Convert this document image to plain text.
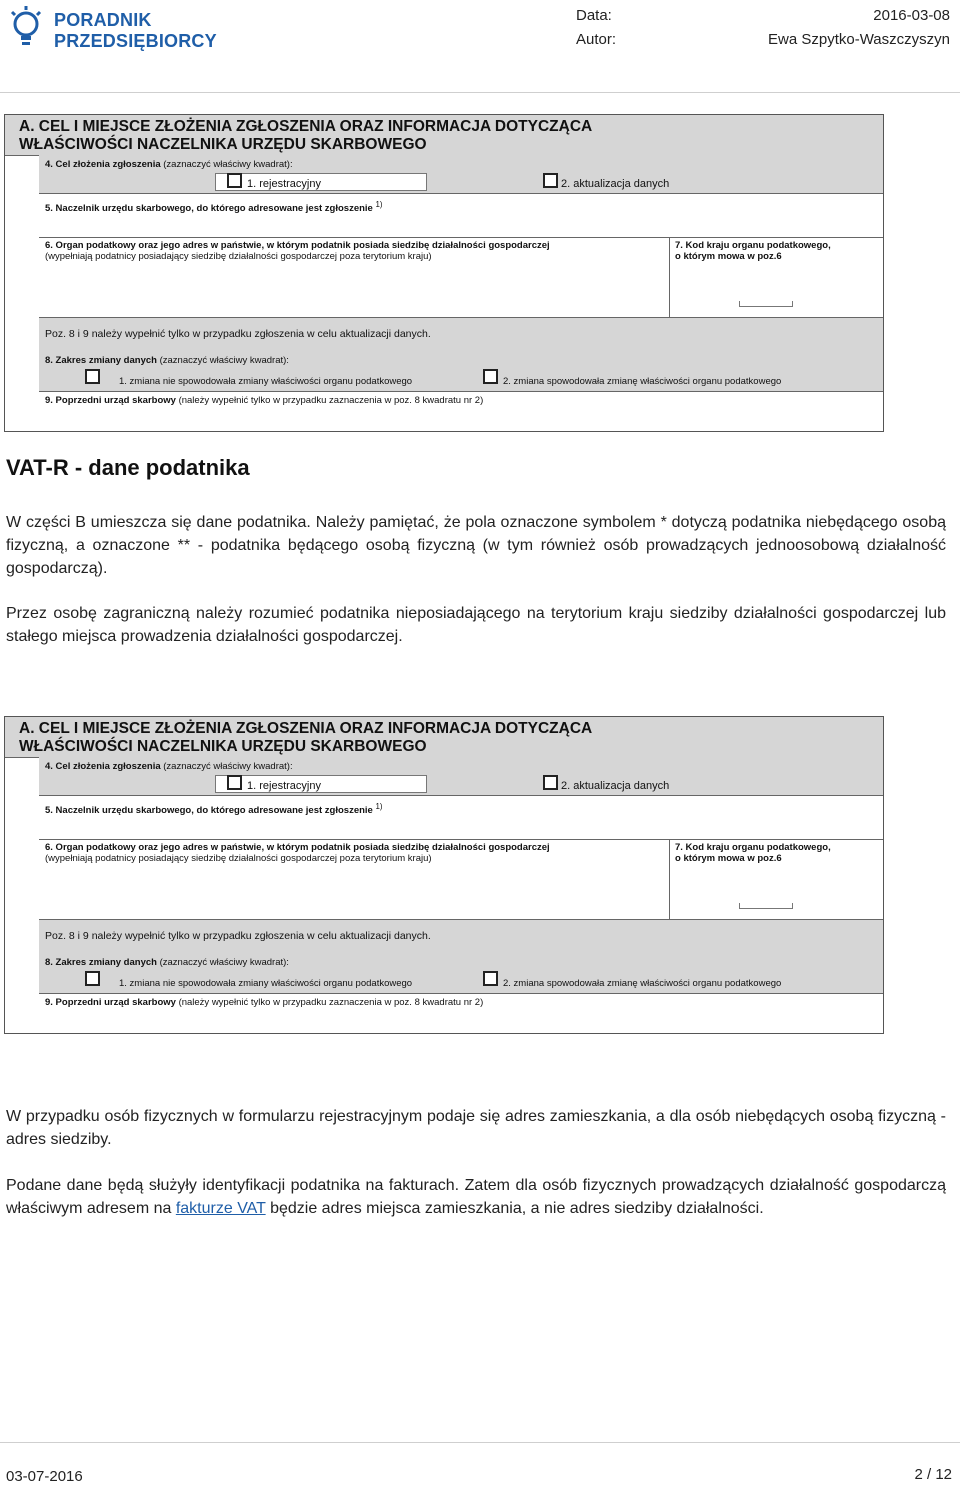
PORADNIK
PRZEDSIĘBIORCY
Data:
Autor:
2016-03-08
Ewa Szpytko-Waszczyszyn
A. CEL I MIEJSCE ZŁOŻENIA ZGŁOSZENIA ORAZ INFORMACJA DOTYCZĄCA
WŁAŚCIWOŚCI NACZELNIKA URZĘDU SKARBOWEGO
4. Cel złożenia zgłoszenia (zaznaczyć właściwy kwadrat):
1. rejestracyjny	2. aktualizacja danych
5. Naczelnik urzędu skarbowego, do którego adresowane jest zgłoszenie $^{1)}$
6. Organ podatkowy oraz jego adres w państwie, w którym podatnik posiada siedzibę działalności gospodarczej
(wypełniają podatnicy posiadający siedzibę działalności gospodarczej poza terytorium kraju)
7. Kod kraju organu podatkowego,
o którym mowa w poz.6
Poz. 8 i 9 należy wypełnić tylko w przypadku zgłoszenia w celu aktualizacji danych.
8. Zakres zmiany danych (zaznaczyć właściwy kwadrat):
1. zmiana nie spowodowała zmiany właściwości organu podatkowego	2. zmiana spowodowała zmianę właściwości organu podatkowego
9. Poprzedni urząd skarbowy (należy wypełnić tylko w przypadku zaznaczenia w poz. 8 kwadratu nr 2)
VAT-R - dane podatnika

W części B umieszcza się dane podatnika. Należy pamiętać, że pola oznaczone symbolem * dotyczą podatnika niebędącego osobą fizyczną, a oznaczone ** - podatnika będącego osobą fizyczną (w tym również osób prowadzących jednoosobową działalność gospodarczą).

Przez osobę zagraniczną należy rozumieć podatnika nieposiadającego na terytorium kraju siedziby działalności gospodarczej lub stałego miejsca prowadzenia działalności gospodarczej.

A. CEL I MIEJSCE ZŁOŻENIA ZGŁOSZENIA ORAZ INFORMACJA DOTYCZĄCA
WŁAŚCIWOŚCI NACZELNIKA URZĘDU SKARBOWEGO
4. Cel złożenia zgłoszenia (zaznaczyć właściwy kwadrat):
1. rejestracyjny	2. aktualizacja danych
5. Naczelnik urzędu skarbowego, do którego adresowane jest zgłoszenie $^{1)}$
6. Organ podatkowy oraz jego adres w państwie, w którym podatnik posiada siedzibę działalności gospodarczej
(wypełniają podatnicy posiadający siedzibę działalności gospodarczej poza terytorium kraju)
7. Kod kraju organu podatkowego,
o którym mowa w poz.6
Poz. 8 i 9 należy wypełnić tylko w przypadku zgłoszenia w celu aktualizacji danych.
8. Zakres zmiany danych (zaznaczyć właściwy kwadrat):
1. zmiana nie spowodowała zmiany właściwości organu podatkowego	2. zmiana spowodowała zmianę właściwości organu podatkowego
9. Poprzedni urząd skarbowy (należy wypełnić tylko w przypadku zaznaczenia w poz. 8 kwadratu nr 2)

W przypadku osób fizycznych w formularzu rejestracyjnym podaje się adres zamieszkania, a dla osób niebędących osobą fizyczną - adres siedziby.

Podane dane będą służyły identyfikacji podatnika na fakturach. Zatem dla osób fizycznych prowadzących działalność gospodarczą właściwym adresem na fakturze VAT będzie adres miejsca zamieszkania, a nie adres siedziby działalności.

03-07-2016	2 / 12
